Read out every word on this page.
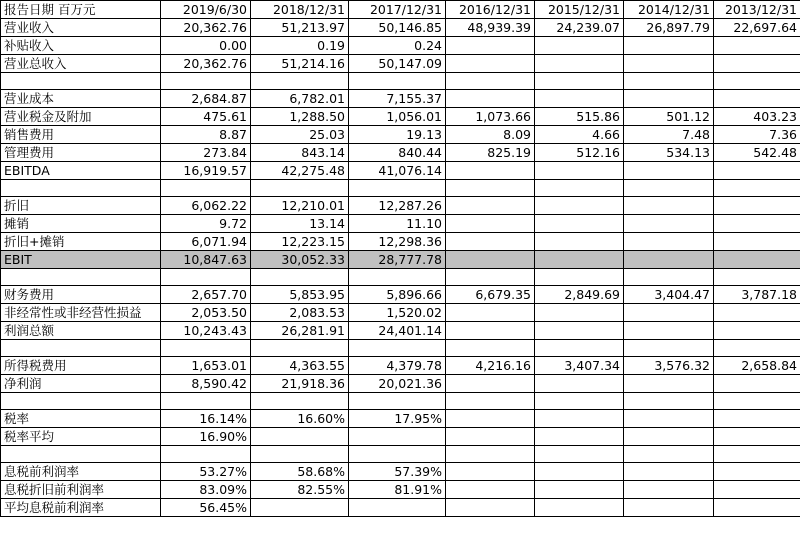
报告日期 百万元	2019/6/30	2018/12/31	2017/12/31	2016/12/31	2015/12/31	2014/12/31	2013/12/31
营业收入	20,362.76	51,213.97	50,146.85	48,939.39	24,239.07	26,897.79	22,697.64
补贴收入	0.00	0.19	0.24				
营业总收入	20,362.76	51,214.16	50,147.09				

营业成本	2,684.87	6,782.01	7,155.37				
营业税金及附加	475.61	1,288.50	1,056.01	1,073.66	515.86	501.12	403.23
销售费用	8.87	25.03	19.13	8.09	4.66	7.48	7.36
管理费用	273.84	843.14	840.44	825.19	512.16	534.13	542.48
EBITDA	16,919.57	42,275.48	41,076.14				

折旧	6,062.22	12,210.01	12,287.26				
摊销	9.72	13.14	11.10				
折旧+摊销	6,071.94	12,223.15	12,298.36				
EBIT	10,847.63	30,052.33	28,777.78				

财务费用	2,657.70	5,853.95	5,896.66	6,679.35	2,849.69	3,404.47	3,787.18
非经常性或非经营性损益	2,053.50	2,083.53	1,520.02				
利润总额	10,243.43	26,281.91	24,401.14				

所得税费用	1,653.01	4,363.55	4,379.78	4,216.16	3,407.34	3,576.32	2,658.84
净利润	8,590.42	21,918.36	20,021.36				

税率	16.14%	16.60%	17.95%				
税率平均	16.90%						

息税前利润率	53.27%	58.68%	57.39%				
息税折旧前利润率	83.09%	82.55%	81.91%				
平均息税前利润率	56.45%						
